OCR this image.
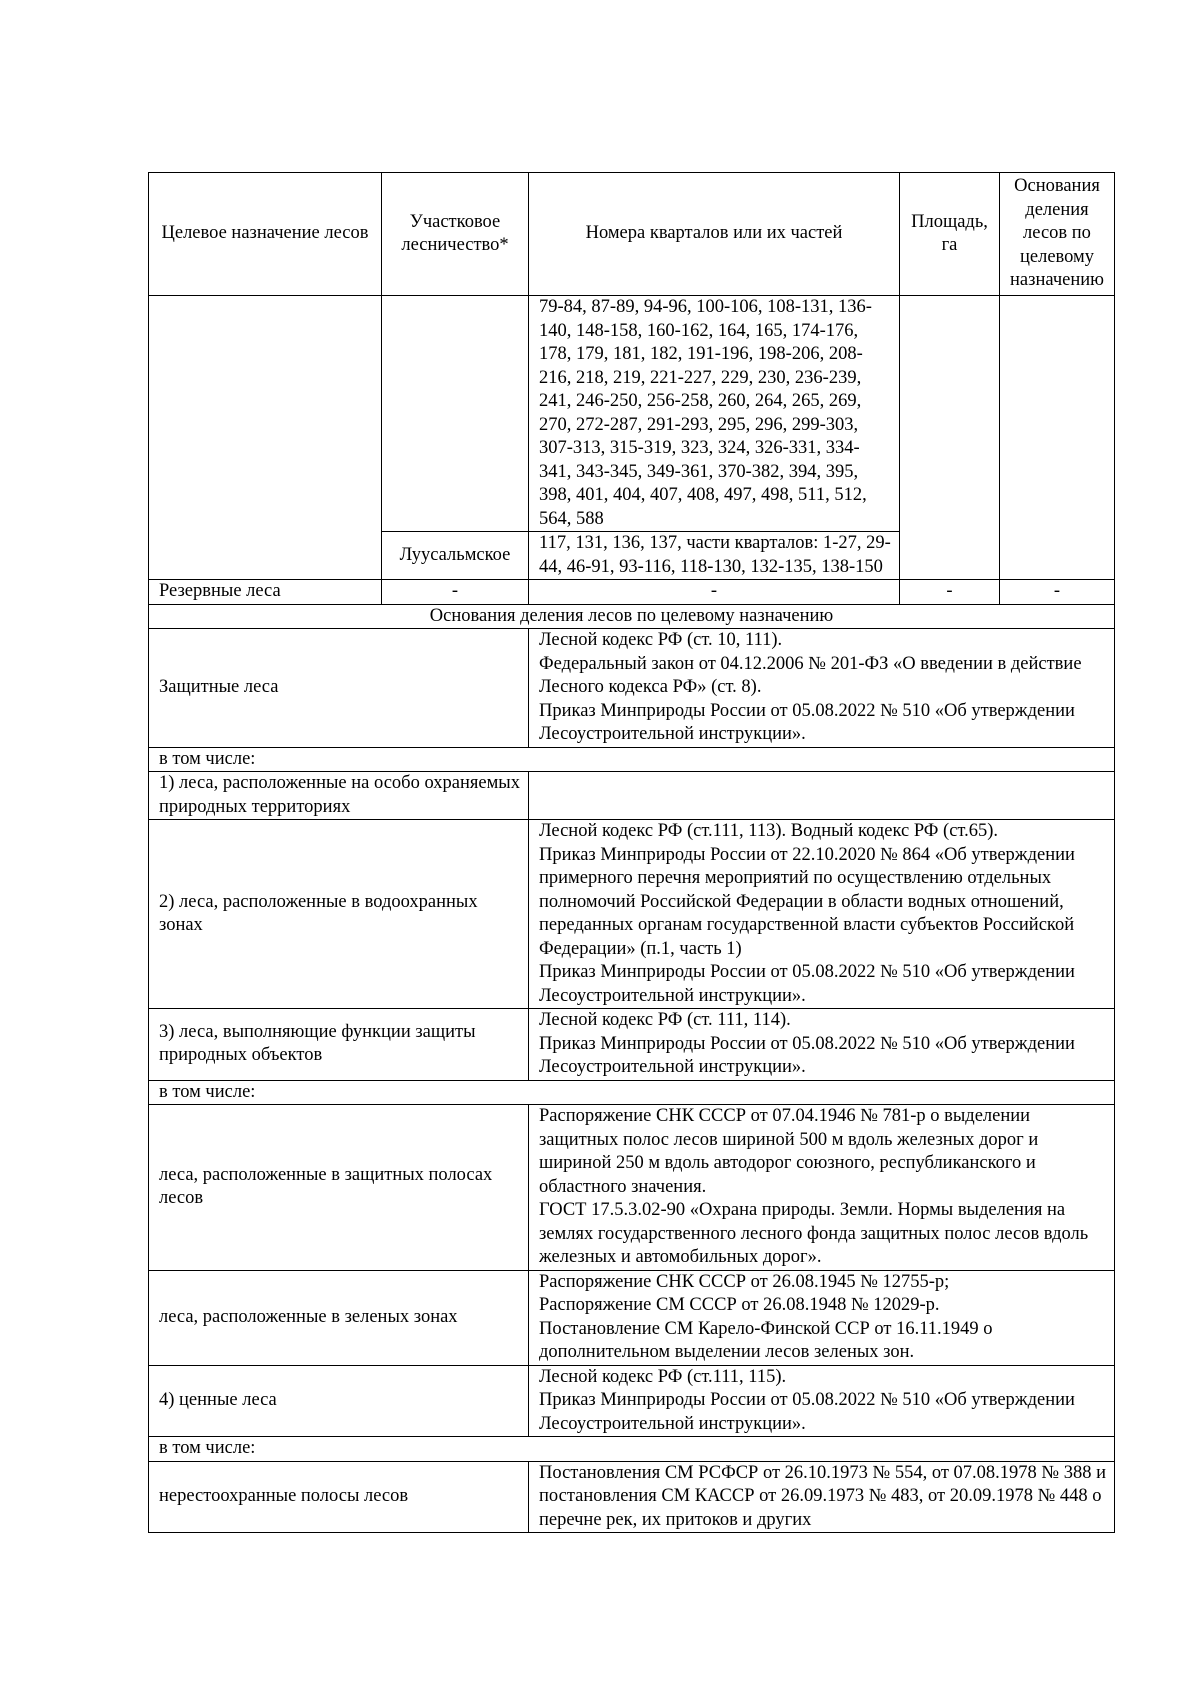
Целевое назначение лесов	Участковое лесничество*	Номера кварталов или их частей	Площадь, га	Основания деления лесов по целевому назначению
		79-84, 87-89, 94-96, 100-106, 108-131, 136-140, 148-158, 160-162, 164, 165, 174-176, 178, 179, 181, 182, 191-196, 198-206, 208-216, 218, 219, 221-227, 229, 230, 236-239, 241, 246-250, 256-258, 260, 264, 265, 269, 270, 272-287, 291-293, 295, 296, 299-303, 307-313, 315-319, 323, 324, 326-331, 334-341, 343-345, 349-361, 370-382, 394, 395, 398, 401, 404, 407, 408, 497, 498, 511, 512, 564, 588		
	Луусальмское	117, 131, 136, 137, части кварталов: 1-27, 29-44, 46-91, 93-116, 118-130, 132-135, 138-150		
Резервные леса	-	-	-	-
Основания деления лесов по целевому назначению				
Защитные леса		Лесной кодекс РФ (ст. 10, 111).
Федеральный закон от 04.12.2006 № 201-ФЗ «О введении в действие Лесного кодекса РФ» (ст. 8).
Приказ Минприроды России от 05.08.2022 № 510 «Об утверждении Лесоустроительной инструкции».		

в том числе:				
1) леса, расположенные на особо охраняемых природных территориях				
2) леса, расположенные в водоохранных зонах		Лесной кодекс РФ (ст.111, 113). Водный кодекс РФ (ст.65).
Приказ Минприроды России от 22.10.2020 № 864 «Об утверждении примерного перечня мероприятий по осуществлению отдельных полномочий Российской Федерации в области водных отношений, переданных органам государственной власти субъектов Российской Федерации» (п.1, часть 1)
Приказ Минприроды России от 05.08.2022 № 510 «Об утверждении Лесоустроительной инструкции».		

3) леса, выполняющие функции защиты природных объектов		Лесной кодекс РФ (ст. 111, 114).
Приказ Минприроды России от 05.08.2022 № 510 «Об утверждении Лесоустроительной инструкции».		

в том числе:				
леса, расположенные в защитных полосах лесов		Распоряжение СНК СССР от 07.04.1946 № 781-р о выделении защитных полос лесов шириной 500 м вдоль железных дорог и шириной 250 м вдоль автодорог союзного, республиканского и областного значения.
ГОСТ 17.5.3.02-90 «Охрана природы. Земли. Нормы выделения на землях государственного лесного фонда защитных полос лесов вдоль железных и автомобильных дорог».		

леса, расположенные в зеленых зонах		Распоряжение СНК СССР от 26.08.1945 № 12755-р;
Распоряжение СМ СССР от 26.08.1948 № 12029-р.
Постановление СМ Карело-Финской ССР от 16.11.1949 о дополнительном выделении лесов зеленых зон.		

4) ценные леса		Лесной кодекс РФ (ст.111, 115).
Приказ Минприроды России от 05.08.2022 № 510 «Об утверждении Лесоустроительной инструкции».		

в том числе:				
нерестоохранные полосы лесов		Постановления СМ РСФСР от 26.10.1973 № 554, от 07.08.1978 № 388 и постановления СМ КАССР от 26.09.1973 № 483, от 20.09.1978 № 448 о перечне рек, их притоков и других		
